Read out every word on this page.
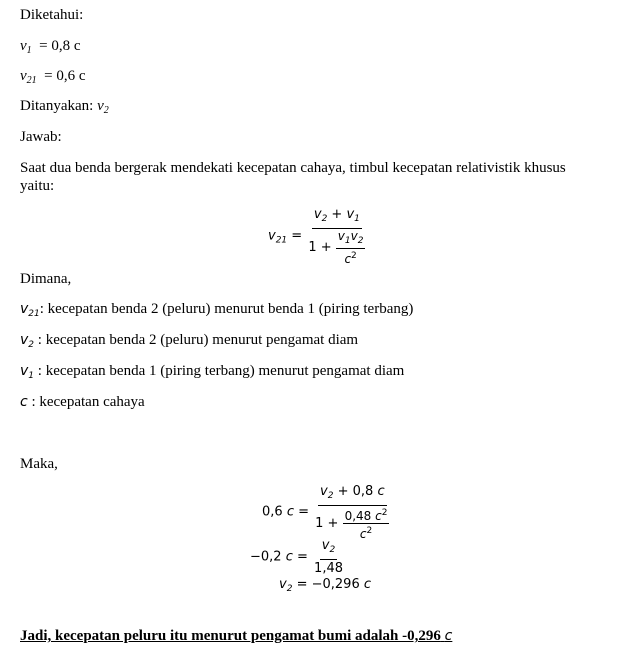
Diketahui:
$v_1 = 0,8$ c
$v_{21} = 0,6$ c
Ditanyakan: $v_2$
Jawab:
Saat dua benda bergerak mendekati kecepatan cahaya, timbul kecepatan relativistik khusus
yaitu:
$v_{21} = \frac{v_2 + v_1}{1 + \frac{v_1v_2}{c^2}}$
Dimana,
$v_{21}$: kecepatan benda 2 (peluru) menurut benda 1 (piring terbang)
$v_2$ : kecepatan benda 2 (peluru) menurut pengamat diam
$v_1$ : kecepatan benda 1 (piring terbang) menurut pengamat diam
c : kecepatan cahaya
Maka,
0,6 $c = \frac{v_2 + 0,8 c}{1 + \frac{0,48 c^2}{c^2}}$
−0,2 $c = \frac{v_2}{1,48}$
$v_2 = -0,296$ c
Jadi, kecepatan peluru itu menurut pengamat bumi adalah -0,296 c
